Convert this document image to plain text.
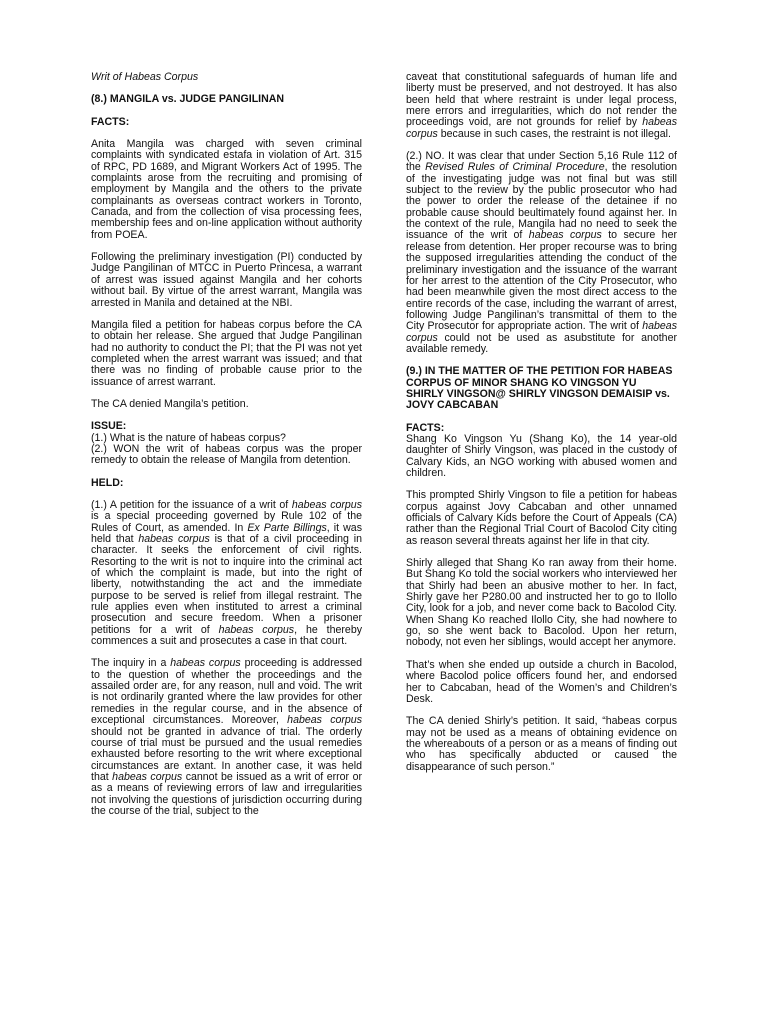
Writ of Habeas Corpus

(8.) MANGILA vs. JUDGE PANGILINAN

FACTS:

Anita Mangila was charged with seven criminal complaints with syndicated estafa in violation of Art. 315 of RPC, PD 1689, and Migrant Workers Act of 1995. The complaints arose from the recruiting and promising of employment by Mangila and the others to the private complainants as overseas contract workers in Toronto, Canada, and from the collection of visa processing fees, membership fees and on-line application without authority from POEA.

Following the preliminary investigation (PI) conducted by Judge Pangilinan of MTCC in Puerto Princesa, a warrant of arrest was issued against Mangila and her cohorts without bail. By virtue of the arrest warrant, Mangila was arrested in Manila and detained at the NBI.

Mangila filed a petition for habeas corpus before the CA to obtain her release. She argued that Judge Pangilinan had no authority to conduct the PI; that the PI was not yet completed when the arrest warrant was issued; and that there was no finding of probable cause prior to the issuance of arrest warrant.

The CA denied Mangila’s petition.

ISSUE:

(1.) What is the nature of habeas corpus?

(2.) WON the writ of habeas corpus was the proper remedy to obtain the release of Mangila from detention.

HELD:

(1.) A petition for the issuance of a writ of habeas corpus is a special proceeding governed by Rule 102 of the Rules of Court, as amended. In Ex Parte Billings, it was held that habeas corpus is that of a civil proceeding in character. It seeks the enforcement of civil rights. Resorting to the writ is not to inquire into the criminal act of which the complaint is made, but into the right of liberty, notwithstanding the act and the immediate purpose to be served is relief from illegal restraint. The rule applies even when instituted to arrest a criminal prosecution and secure freedom. When a prisoner petitions for a writ of habeas corpus, he thereby commences a suit and prosecutes a case in that court.

The inquiry in a habeas corpus proceeding is addressed to the question of whether the proceedings and the assailed order are, for any reason, null and void. The writ is not ordinarily granted where the law provides for other remedies in the regular course, and in the absence of exceptional circumstances. Moreover, habeas corpus should not be granted in advance of trial. The orderly course of trial must be pursued and the usual remedies exhausted before resorting to the writ where exceptional circumstances are extant. In another case, it was held that habeas corpus cannot be issued as a writ of error or as a means of reviewing errors of law and irregularities not involving the questions of jurisdiction occurring during the course of the trial, subject to the

caveat that constitutional safeguards of human life and liberty must be preserved, and not destroyed. It has also been held that where restraint is under legal process, mere errors and irregularities, which do not render the proceedings void, are not grounds for relief by habeas corpus because in such cases, the restraint is not illegal.

(2.) NO. It was clear that under Section 5,16 Rule 112 of the Revised Rules of Criminal Procedure, the resolution of the investigating judge was not final but was still subject to the review by the public prosecutor who had the power to order the release of the detainee if no probable cause should beultimately found against her. In the context of the rule, Mangila had no need to seek the issuance of the writ of habeas corpus to secure her release from detention. Her proper recourse was to bring the supposed irregularities attending the conduct of the preliminary investigation and the issuance of the warrant for her arrest to the attention of the City Prosecutor, who had been meanwhile given the most direct access to the entire records of the case, including the warrant of arrest, following Judge Pangilinan’s transmittal of them to the City Prosecutor for appropriate action. The writ of habeas corpus could not be used as asubstitute for another available remedy.

(9.) IN THE MATTER OF THE PETITION FOR HABEAS CORPUS OF MINOR SHANG KO VINGSON YU SHIRLY VINGSON@ SHIRLY VINGSON DEMAISIP vs. JOVY CABCABAN

FACTS:

Shang Ko Vingson Yu (Shang Ko), the 14 year-old daughter of Shirly Vingson, was placed in the custody of Calvary Kids, an NGO working with abused women and children.

This prompted Shirly Vingson to file a petition for habeas corpus against Jovy Cabcaban and other unnamed officials of Calvary Kids before the Court of Appeals (CA) rather than the Regional Trial Court of Bacolod City citing as reason several threats against her life in that city.

Shirly alleged that Shang Ko ran away from their home. But Shang Ko told the social workers who interviewed her that Shirly had been an abusive mother to her. In fact, Shirly gave her P280.00 and instructed her to go to Ilollo City, look for a job, and never come back to Bacolod City. When Shang Ko reached Ilollo City, she had nowhere to go, so she went back to Bacolod. Upon her return, nobody, not even her siblings, would accept her anymore.

That’s when she ended up outside a church in Bacolod, where Bacolod police officers found her, and endorsed her to Cabcaban, head of the Women’s and Children’s Desk.

The CA denied Shirly’s petition. It said, “habeas corpus may not be used as a means of obtaining evidence on the whereabouts of a person or as a means of finding out who has specifically abducted or caused the disappearance of such person.”
